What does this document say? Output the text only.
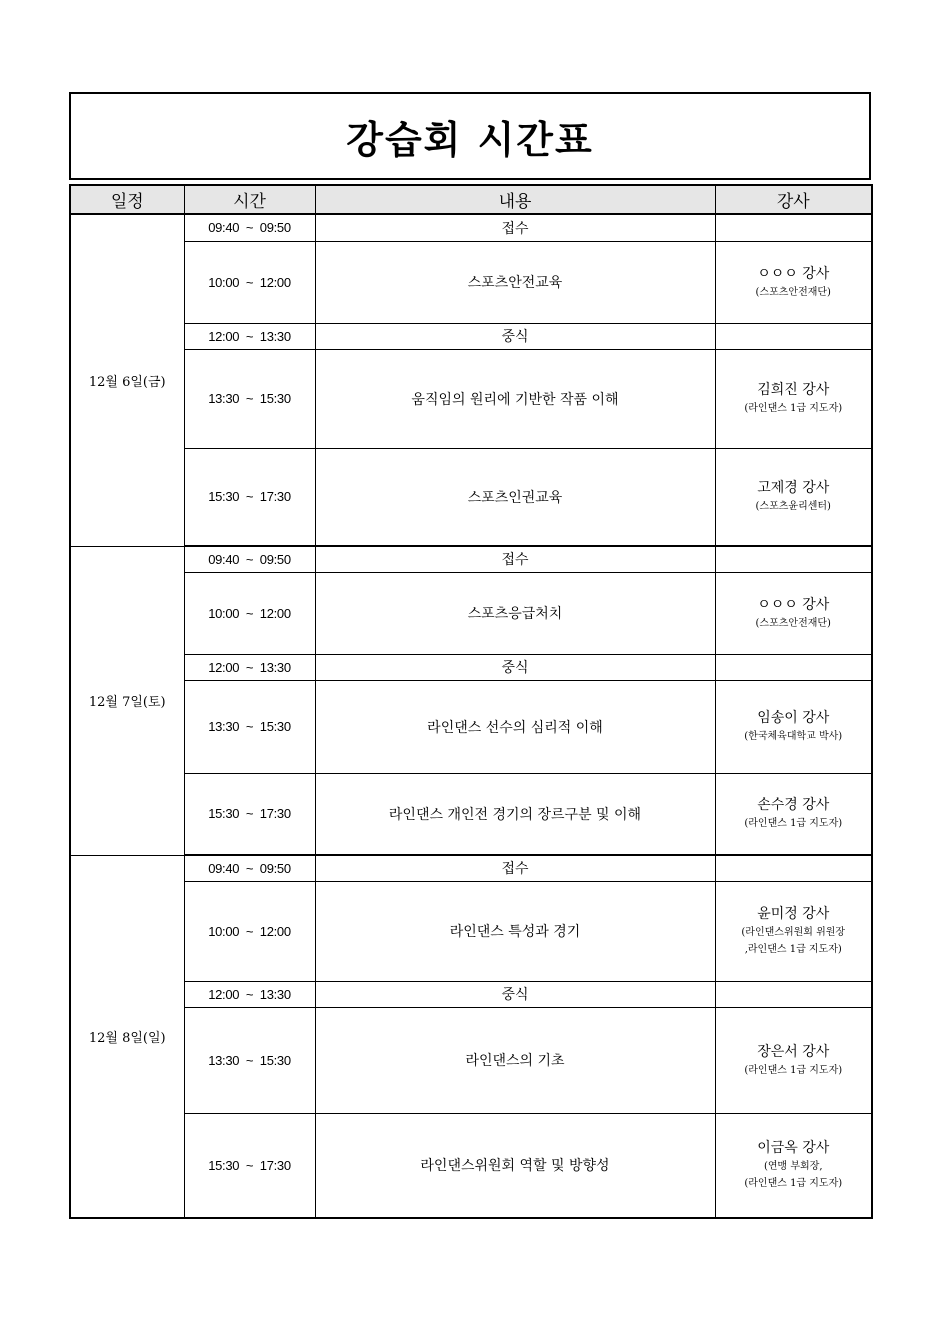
강습회 시간표
일정	시간	내용	강사
12월 6일(금)	09:40  ~  09:50	접수	
	10:00  ~  12:00	스포츠안전교육	ㅇㅇㅇ 강사
(스포츠안전재단)

	12:00  ~  13:30	중식	
	13:30  ~  15:30	움직임의 원리에 기반한 작품 이해	김희진 강사
(라인댄스 1급 지도자)

	15:30  ~  17:30	스포츠인권교육	고제경 강사
(스포츠윤리센터)

12월 7일(토)	09:40  ~  09:50	접수	
	10:00  ~  12:00	스포츠응급처치	ㅇㅇㅇ 강사
(스포츠안전재단)

	12:00  ~  13:30	중식	
	13:30  ~  15:30	라인댄스 선수의 심리적 이해	임송이 강사
(한국체육대학교 박사)

	15:30  ~  17:30	라인댄스 개인전 경기의 장르구분 및 이해	손수경 강사
(라인댄스 1급 지도자)

12월 8일(일)	09:40  ~  09:50	접수	
	10:00  ~  12:00	라인댄스 특성과 경기	윤미정 강사
(라인댄스위원회 위원장
,라인댄스 1급 지도자)

	12:00  ~  13:30	중식	
	13:30  ~  15:30	라인댄스의 기초	장은서 강사
(라인댄스 1급 지도자)

	15:30  ~  17:30	라인댄스위원회 역할 및 방향성	이금옥 강사
(연맹 부회장,
(라인댄스 1급 지도자)
